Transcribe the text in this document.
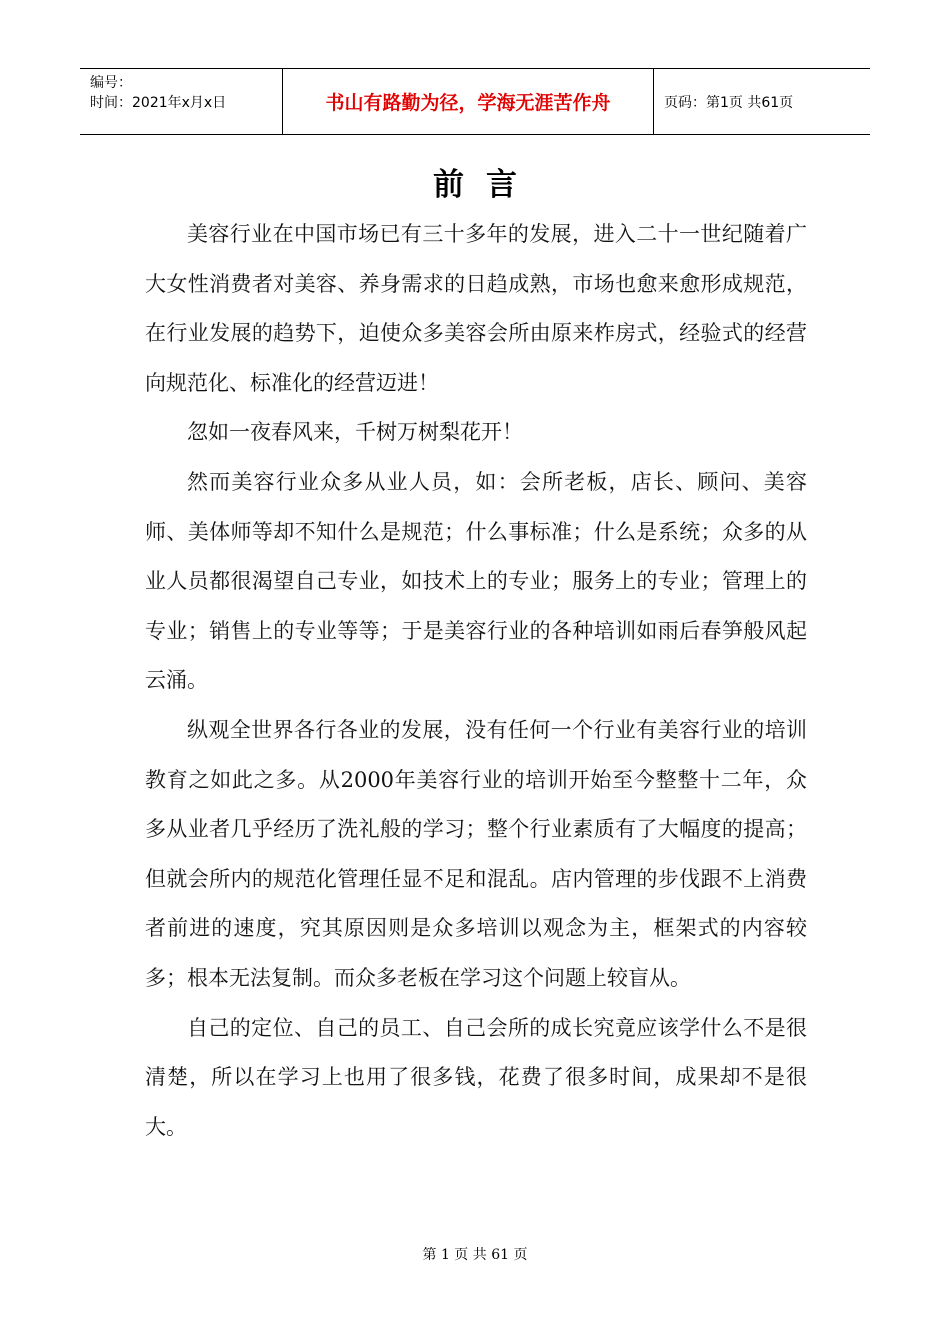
编号：
时间：2021年x月x日	书山有路勤为径，学海无涯苦作舟	页码：第1页 共61页
前言

美容行业在中国市场已有三十多年的发展，进入二十一世纪随着广大女性消费者对美容、养身需求的日趋成熟，市场也愈来愈形成规范，在行业发展的趋势下，迫使众多美容会所由原来柞房式，经验式的经营向规范化、标准化的经营迈进！

忽如一夜春风来，千树万树梨花开！

然而美容行业众多从业人员，如：会所老板，店长、顾问、美容师、美体师等却不知什么是规范；什么事标准；什么是系统；众多的从业人员都很渴望自己专业，如技术上的专业；服务上的专业；管理上的专业；销售上的专业等等；于是美容行业的各种培训如雨后春笋般风起云涌。

纵观全世界各行各业的发展，没有任何一个行业有美容行业的培训教育之如此之多。从2000年美容行业的培训开始至今整整十二年，众多从业者几乎经历了洗礼般的学习；整个行业素质有了大幅度的提高；但就会所内的规范化管理任显不足和混乱。店内管理的步伐跟不上消费者前进的速度，究其原因则是众多培训以观念为主，框架式的内容较多；根本无法复制。而众多老板在学习这个问题上较盲从。

自己的定位、自己的员工、自己会所的成长究竟应该学什么不是很清楚，所以在学习上也用了很多钱，花费了很多时间，成果却不是很大。

第 1 页 共 61 页
